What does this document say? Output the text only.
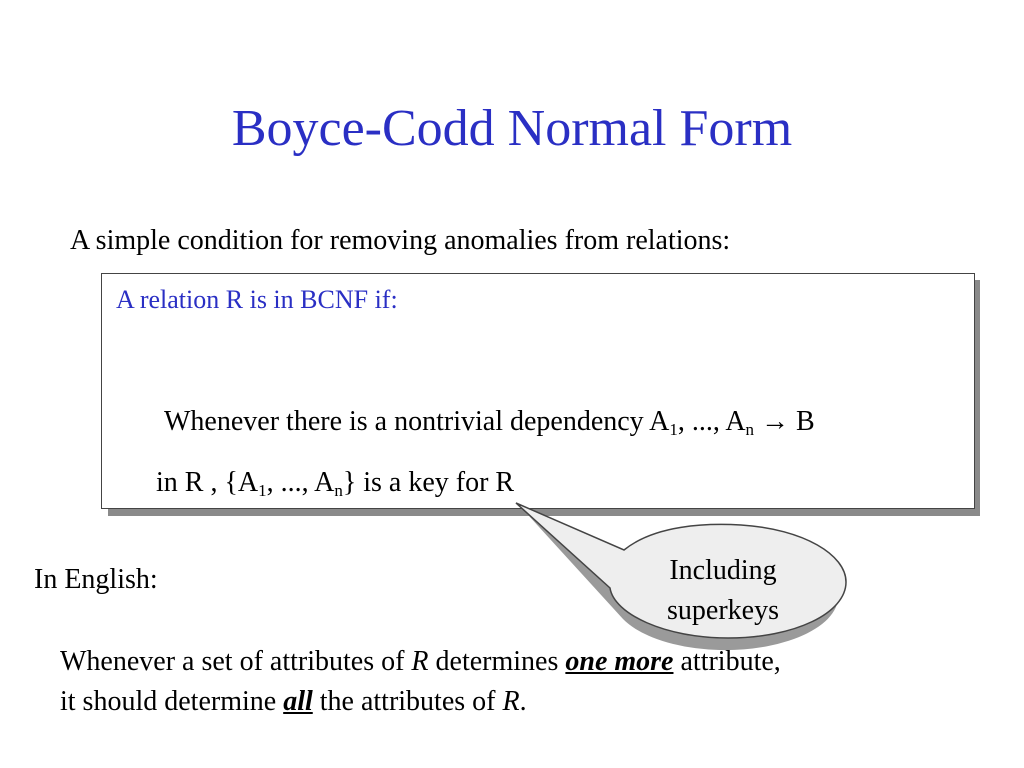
Boyce-Codd Normal Form
A simple condition for removing anomalies from relations:
A relation R is in BCNF if:
Whenever there is a nontrivial dependency $A_1$, ..., $A_n \to B$
in R , {$A_1$, ..., $A_n$} is a key for R
Including
superkeys
In English:
Whenever a set of attributes of R determines one more attribute,
it should determine all the attributes of R.
